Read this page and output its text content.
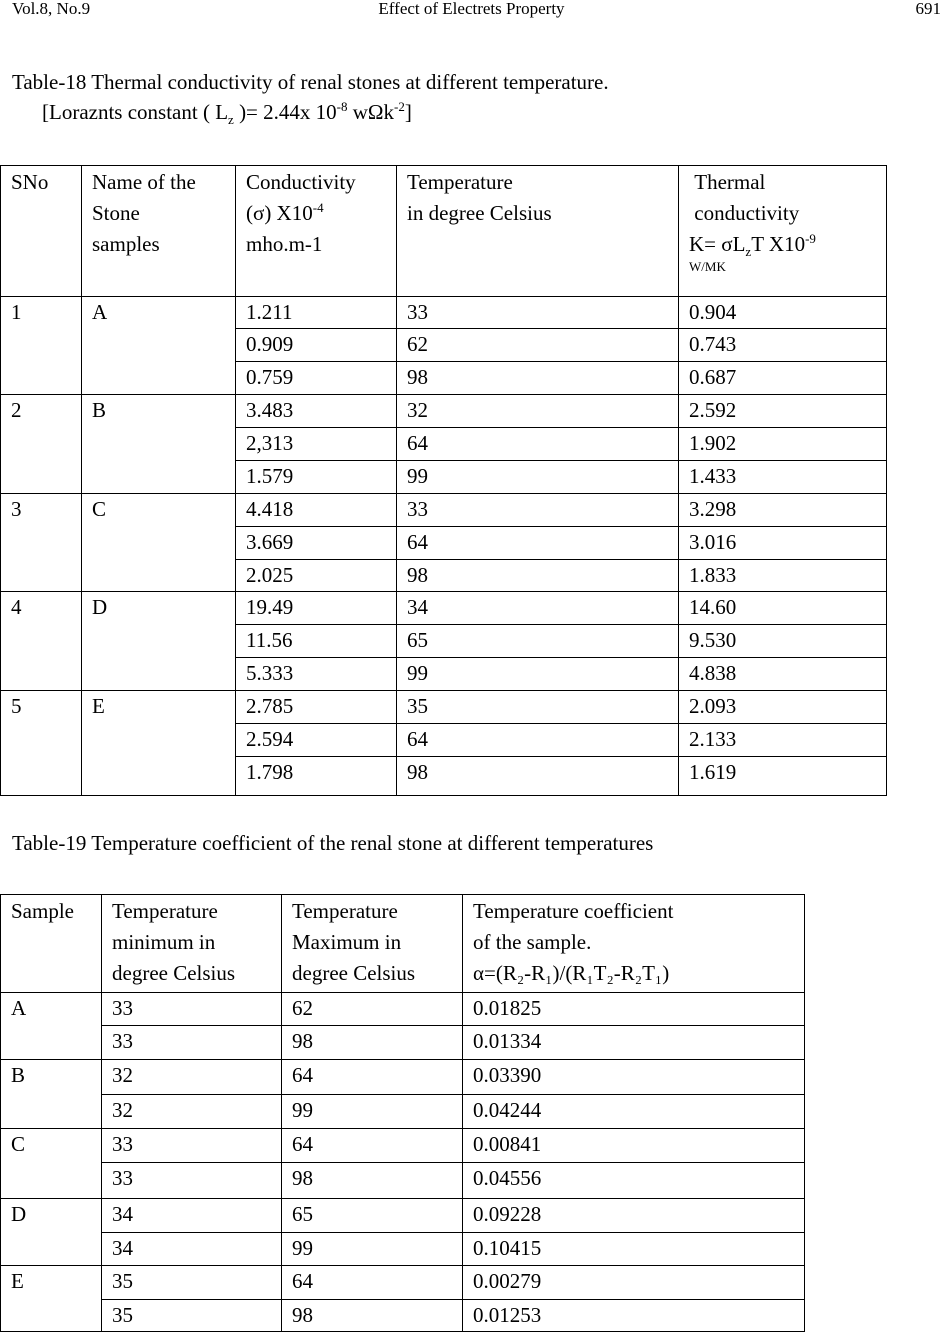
Vol.8, No.9	Effect of Electrets Property	691
Table-18 Thermal conductivity of renal stones at different temperature.
[Loraznts constant ( $L_z$ )= 2.44x $10^{-8}$ wΩk$^{-2}$]
SNo	Name of the
Stone
samples	Conductivity
(σ) $X10^{-4}$
mho.m-1	Temperature
in degree Celsius	Thermal
conductivity
$K= \sigma L_zT$ $X10^{-9}$
W/MK

1	A	1.211	33	0.904
		0.909	62	0.743
		0.759	98	0.687
2	B	3.483	32	2.592
		2,313	64	1.902
		1.579	99	1.433
3	C	4.418	33	3.298
		3.669	64	3.016
		2.025	98	1.833
4	D	19.49	34	14.60
		11.56	65	9.530
		5.333	99	4.838
5	E	2.785	35	2.093
		2.594	64	2.133
		1.798	98	1.619
Table-19 Temperature coefficient of the renal stone at different temperatures
Sample	Temperature
minimum in
degree Celsius	Temperature
Maximum in
degree Celsius	Temperature coefficient
of the sample.
α=(R₂-R₁)/(R₁T₂-R₂T₁)
A	33	62	0.01825
	33	98	0.01334
B	32	64	0.03390
	32	99	0.04244
C	33	64	0.00841
	33	98	0.04556
D	34	65	0.09228
	34	99	0.10415
E	35	64	0.00279
	35	98	0.01253
